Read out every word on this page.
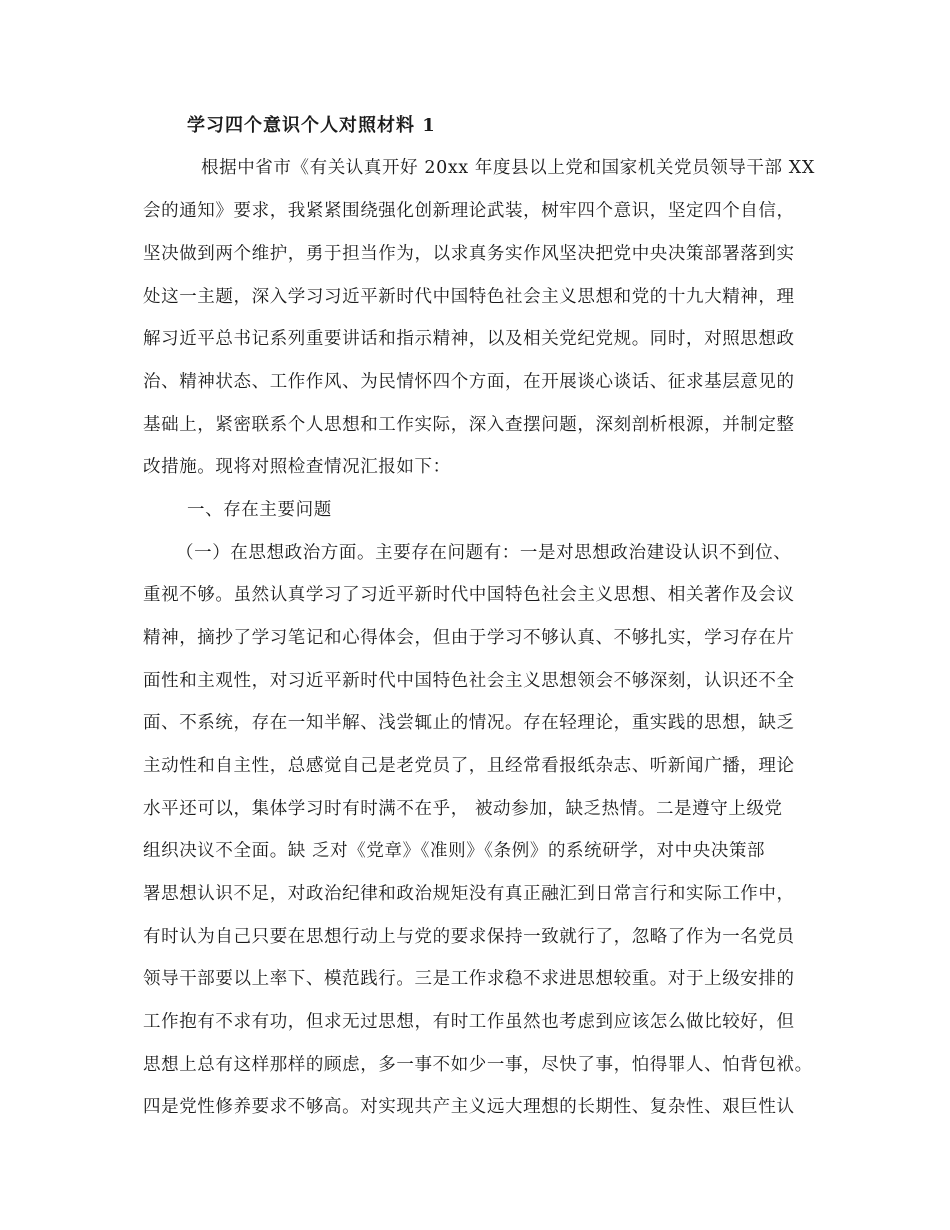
学习四个意识个人对照材料 1
根据中省市《有关认真开好 20xx 年度县以上党和国家机关党员领导干部 XX
会的通知》要求，我紧紧围绕强化创新理论武装，树牢四个意识，坚定四个自信，
坚决做到两个维护，勇于担当作为，以求真务实作风坚决把党中央决策部署落到实
处这一主题，深入学习习近平新时代中国特色社会主义思想和党的十九大精神，理
解习近平总书记系列重要讲话和指示精神，以及相关党纪党规。同时，对照思想政
治、精神状态、工作作风、为民情怀四个方面，在开展谈心谈话、征求基层意见的
基础上，紧密联系个人思想和工作实际，深入查摆问题，深刻剖析根源，并制定整
改措施。现将对照检查情况汇报如下：
一、存在主要问题
（一）在思想政治方面。主要存在问题有：一是对思想政治建设认识不到位、
重视不够。虽然认真学习了习近平新时代中国特色社会主义思想、相关著作及会议
精神，摘抄了学习笔记和心得体会，但由于学习不够认真、不够扎实，学习存在片
面性和主观性，对习近平新时代中国特色社会主义思想领会不够深刻，认识还不全
面、不系统，存在一知半解、浅尝辄止的情况。存在轻理论，重实践的思想，缺乏
主动性和自主性，总感觉自己是老党员了，且经常看报纸杂志、听新闻广播，理论
水平还可以，集体学习时有时满不在乎， 被动参加，缺乏热情。二是遵守上级党
组织决议不全面。缺 乏对《党章》《准则》《条例》的系统研学，对中央决策部
署思想认识不足，对政治纪律和政治规矩没有真正融汇到日常言行和实际工作中，
有时认为自己只要在思想行动上与党的要求保持一致就行了，忽略了作为一名党员
领导干部要以上率下、模范践行。三是工作求稳不求进思想较重。对于上级安排的
工作抱有不求有功，但求无过思想，有时工作虽然也考虑到应该怎么做比较好，但
思想上总有这样那样的顾虑，多一事不如少一事，尽快了事，怕得罪人、怕背包袱。
四是党性修养要求不够高。对实现共产主义远大理想的长期性、复杂性、艰巨性认
